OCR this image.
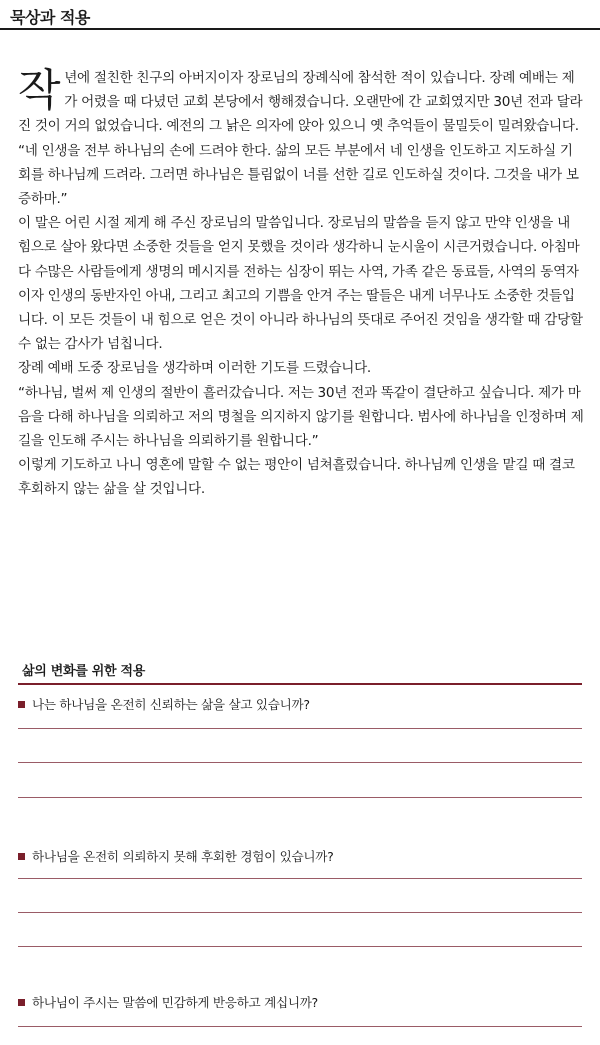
묵상과 적용

작년에 절친한 친구의 아버지이자 장로님의 장례식에 참석한 적이 있습니다. 장례 예배는 제가 어렸을 때 다녔던 교회 본당에서 행해졌습니다. 오랜만에 간 교회였지만 30년 전과 달라진 것이 거의 없었습니다. 예전의 그 낡은 의자에 앉아 있으니 옛 추억들이 물밀듯이 밀려왔습니다.

“네 인생을 전부 하나님의 손에 드려야 한다. 삶의 모든 부분에서 네 인생을 인도하고 지도하실 기회를 하나님께 드려라. 그러면 하나님은 틀림없이 너를 선한 길로 인도하실 것이다. 그것을 내가 보증하마.”

이 말은 어린 시절 제게 해 주신 장로님의 말씀입니다. 장로님의 말씀을 듣지 않고 만약 인생을 내 힘으로 살아 왔다면 소중한 것들을 얻지 못했을 것이라 생각하니 눈시울이 시큰거렸습니다. 아침마다 수많은 사람들에게 생명의 메시지를 전하는 심장이 뛰는 사역, 가족 같은 동료들, 사역의 동역자이자 인생의 동반자인 아내, 그리고 최고의 기쁨을 안겨 주는 딸들은 내게 너무나도 소중한 것들입니다. 이 모든 것들이 내 힘으로 얻은 것이 아니라 하나님의 뜻대로 주어진 것임을 생각할 때 감당할 수 없는 감사가 넘칩니다.

장례 예배 도중 장로님을 생각하며 이러한 기도를 드렸습니다.

“하나님, 벌써 제 인생의 절반이 흘러갔습니다. 저는 30년 전과 똑같이 결단하고 싶습니다. 제가 마음을 다해 하나님을 의뢰하고 저의 명철을 의지하지 않기를 원합니다. 범사에 하나님을 인정하며 제 길을 인도해 주시는 하나님을 의뢰하기를 원합니다.”

이렇게 기도하고 나니 영혼에 말할 수 없는 평안이 넘쳐흘렀습니다. 하나님께 인생을 맡길 때 결코 후회하지 않는 삶을 살 것입니다.

삶의 변화를 위한 적용
나는 하나님을 온전히 신뢰하는 삶을 살고 있습니까?
하나님을 온전히 의뢰하지 못해 후회한 경험이 있습니까?
하나님이 주시는 말씀에 민감하게 반응하고 계십니까?
